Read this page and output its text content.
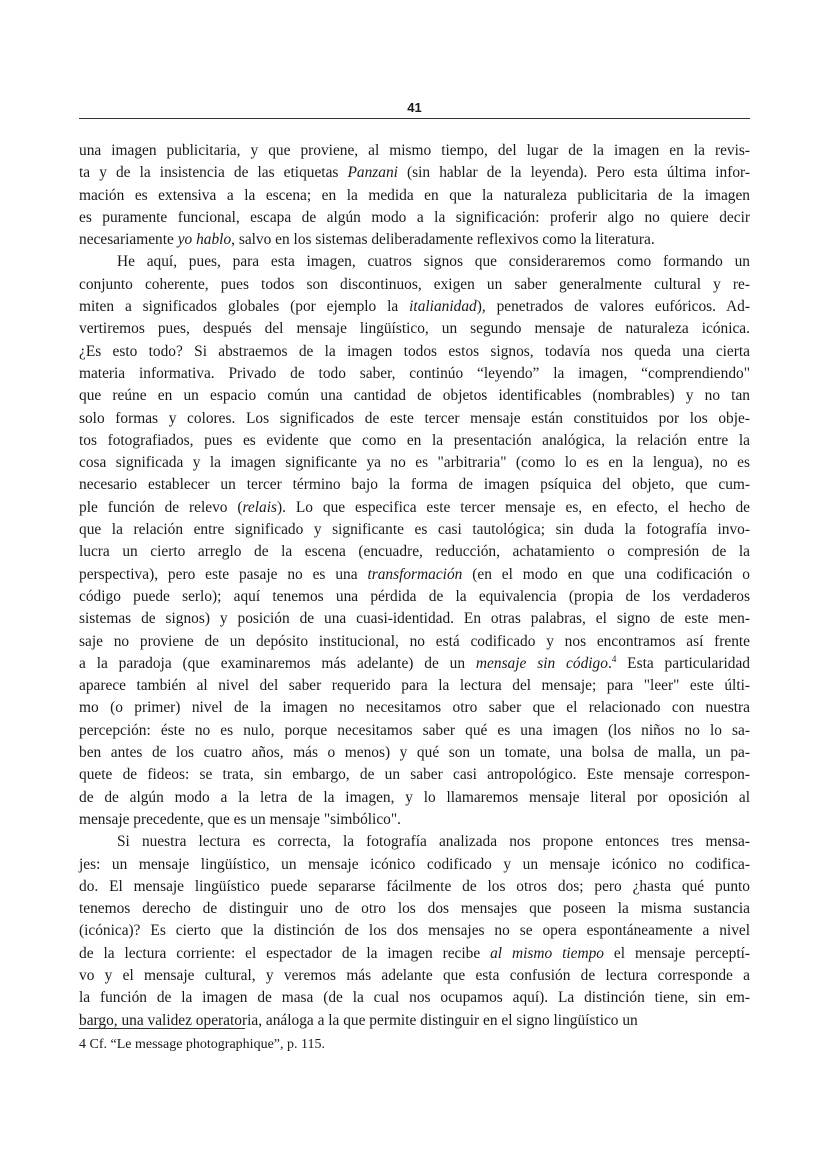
41
una imagen publicitaria, y que proviene, al mismo tiempo, del lugar de la imagen en la revis-
ta y de la insistencia de las etiquetas Panzani (sin hablar de la leyenda). Pero esta última infor-
mación es extensiva a la escena; en la medida en que la naturaleza publicitaria de la imagen
es puramente funcional, escapa de algún modo a la significación: proferir algo no quiere decir
necesariamente yo hablo, salvo en los sistemas deliberadamente reflexivos como la literatura.
He aquí, pues, para esta imagen, cuatros signos que consideraremos como formando un
conjunto coherente, pues todos son discontinuos, exigen un saber generalmente cultural y re-
miten a significados globales (por ejemplo la italianidad), penetrados de valores eufóricos. Ad-
vertiremos pues, después del mensaje lingüístico, un segundo mensaje de naturaleza icónica.
¿Es esto todo? Si abstraemos de la imagen todos estos signos, todavía nos queda una cierta
materia informativa. Privado de todo saber, continúo “leyendo” la imagen, “comprendiendo"
que reúne en un espacio común una cantidad de objetos identificables (nombrables) y no tan
solo formas y colores. Los significados de este tercer mensaje están constituidos por los obje-
tos fotografiados, pues es evidente que como en la presentación analógica, la relación entre la
cosa significada y la imagen significante ya no es "arbitraria" (como lo es en la lengua), no es
necesario establecer un tercer término bajo la forma de imagen psíquica del objeto, que cum-
ple función de relevo (relais). Lo que especifica este tercer mensaje es, en efecto, el hecho de
que la relación entre significado y significante es casi tautológica; sin duda la fotografía invo-
lucra un cierto arreglo de la escena (encuadre, reducción, achatamiento o compresión de la
perspectiva), pero este pasaje no es una transformación (en el modo en que una codificación o
código puede serlo); aquí tenemos una pérdida de la equivalencia (propia de los verdaderos
sistemas de signos) y posición de una cuasi-identidad. En otras palabras, el signo de este men-
saje no proviene de un depósito institucional, no está codificado y nos encontramos así frente
a la paradoja (que examinaremos más adelante) de un mensaje sin código.$^4$ Esta particularidad
aparece también al nivel del saber requerido para la lectura del mensaje; para "leer" este últi-
mo (o primer) nivel de la imagen no necesitamos otro saber que el relacionado con nuestra
percepción: éste no es nulo, porque necesitamos saber qué es una imagen (los niños no lo sa-
ben antes de los cuatro años, más o menos) y qué son un tomate, una bolsa de malla, un pa-
quete de fideos: se trata, sin embargo, de un saber casi antropológico. Este mensaje correspon-
de de algún modo a la letra de la imagen, y lo llamaremos mensaje literal por oposición al
mensaje precedente, que es un mensaje "simbólico".
Si nuestra lectura es correcta, la fotografía analizada nos propone entonces tres mensa-
jes: un mensaje lingüístico, un mensaje icónico codificado y un mensaje icónico no codifica-
do. El mensaje lingüístico puede separarse fácilmente de los otros dos; pero ¿hasta qué punto
tenemos derecho de distinguir uno de otro los dos mensajes que poseen la misma sustancia
(icónica)? Es cierto que la distinción de los dos mensajes no se opera espontáneamente a nivel
de la lectura corriente: el espectador de la imagen recibe al mismo tiempo el mensaje perceptí-
vo y el mensaje cultural, y veremos más adelante que esta confusión de lectura corresponde a
la función de la imagen de masa (de la cual nos ocupamos aquí). La distinción tiene, sin em-
bargo, una validez operatoria, análoga a la que permite distinguir en el signo lingüístico un
4 Cf. “Le message photographique”, p. 115.
